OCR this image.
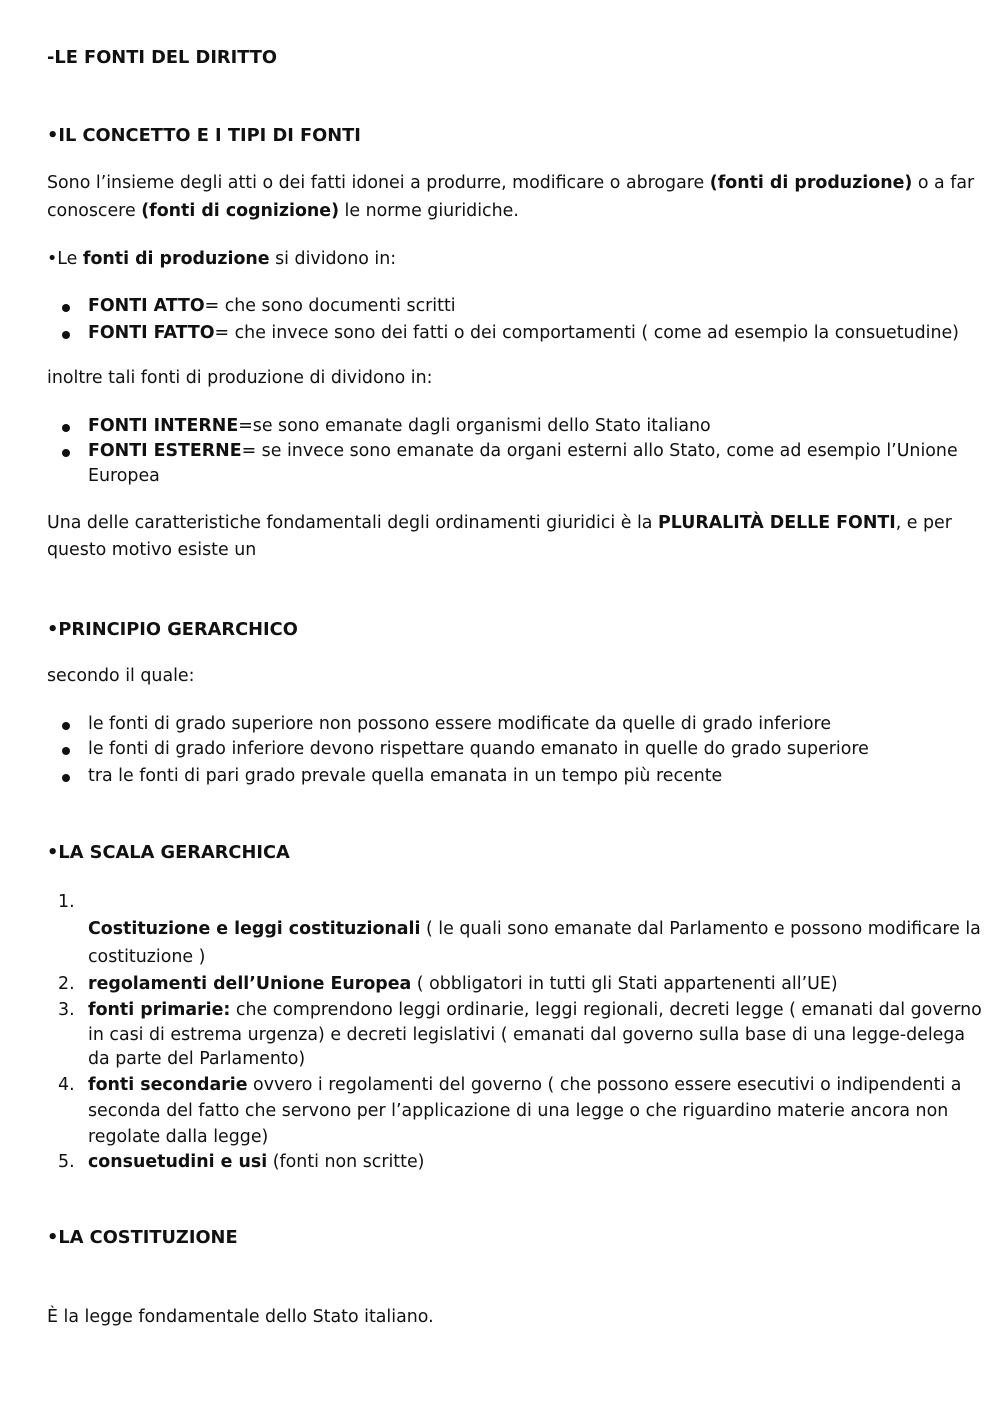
-LE FONTI DEL DIRITTO
•IL CONCETTO E I TIPI DI FONTI
Sono l’insieme degli atti o dei fatti idonei a produrre, modificare o abrogare (fonti di produzione) o a far
conoscere (fonti di cognizione) le norme giuridiche.
•Le fonti di produzione si dividono in:
FONTI ATTO= che sono documenti scritti
FONTI FATTO= che invece sono dei fatti o dei comportamenti ( come ad esempio la consuetudine)
inoltre tali fonti di produzione di dividono in:
FONTI INTERNE=se sono emanate dagli organismi dello Stato italiano
FONTI ESTERNE= se invece sono emanate da organi esterni allo Stato, come ad esempio l’Unione
Europea
Una delle caratteristiche fondamentali degli ordinamenti giuridici è la PLURALITÀ DELLE FONTI, e per
questo motivo esiste un
•PRINCIPIO GERARCHICO
secondo il quale:
le fonti di grado superiore non possono essere modificate da quelle di grado inferiore
le fonti di grado inferiore devono rispettare quando emanato in quelle do grado superiore
tra le fonti di pari grado prevale quella emanata in un tempo più recente
•LA SCALA GERARCHICA
1.
Costituzione e leggi costituzionali ( le quali sono emanate dal Parlamento e possono modificare la
costituzione )
2. regolamenti dell’Unione Europea ( obbligatori in tutti gli Stati appartenenti all’UE)
3. fonti primarie: che comprendono leggi ordinarie, leggi regionali, decreti legge ( emanati dal governo
in casi di estrema urgenza) e decreti legislativi ( emanati dal governo sulla base di una legge-delega
da parte del Parlamento)
4. fonti secondarie ovvero i regolamenti del governo ( che possono essere esecutivi o indipendenti a
seconda del fatto che servono per l’applicazione di una legge o che riguardino materie ancora non
regolate dalla legge)
5. consuetudini e usi (fonti non scritte)
•LA COSTITUZIONE
È la legge fondamentale dello Stato italiano.
